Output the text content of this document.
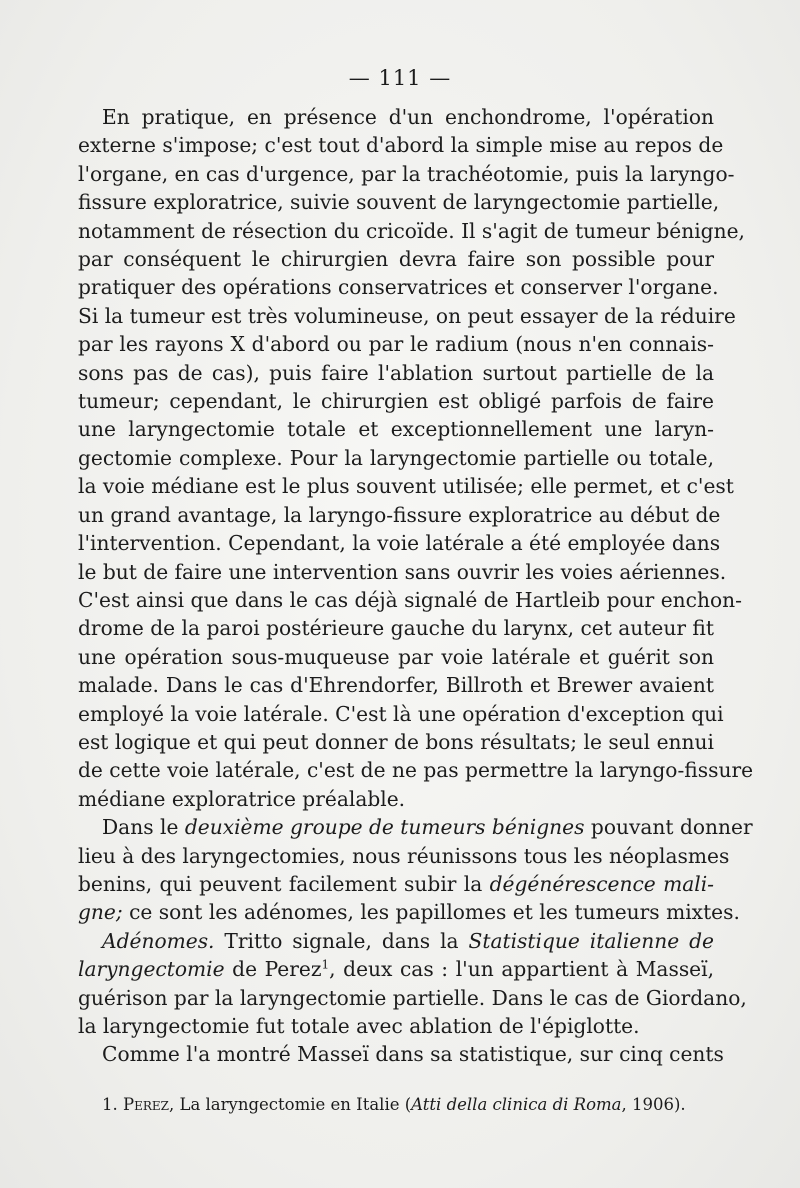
— 111 —

En pratique, en présence d'un enchondrome, l'opération
externe s'impose; c'est tout d'abord la simple mise au repos de
l'organe, en cas d'urgence, par la trachéotomie, puis la laryngo-
fissure exploratrice, suivie souvent de laryngectomie partielle,
notamment de résection du cricoïde. Il s'agit de tumeur bénigne,
par conséquent le chirurgien devra faire son possible pour
pratiquer des opérations conservatrices et conserver l'organe.
Si la tumeur est très volumineuse, on peut essayer de la réduire
par les rayons X d'abord ou par le radium (nous n'en connais-
sons pas de cas), puis faire l'ablation surtout partielle de la
tumeur; cependant, le chirurgien est obligé parfois de faire
une laryngectomie totale et exceptionnellement une laryn-
gectomie complexe. Pour la laryngectomie partielle ou totale,
la voie médiane est le plus souvent utilisée; elle permet, et c'est
un grand avantage, la laryngo-fissure exploratrice au début de
l'intervention. Cependant, la voie latérale a été employée dans
le but de faire une intervention sans ouvrir les voies aériennes.
C'est ainsi que dans le cas déjà signalé de Hartleib pour enchon-
drome de la paroi postérieure gauche du larynx, cet auteur fit
une opération sous-muqueuse par voie latérale et guérit son
malade. Dans le cas d'Ehrendorfer, Billroth et Brewer avaient
employé la voie latérale. C'est là une opération d'exception qui
est logique et qui peut donner de bons résultats; le seul ennui
de cette voie latérale, c'est de ne pas permettre la laryngo-fissure
médiane exploratrice préalable.

Dans le deuxième groupe de tumeurs bénignes pouvant donner
lieu à des laryngectomies, nous réunissons tous les néoplasmes
benins, qui peuvent facilement subir la dégénérescence mali-
gne; ce sont les adénomes, les papillomes et les tumeurs mixtes.

Adénomes. Tritto signale, dans la Statistique italienne de
laryngectomie de Perez$^1$, deux cas : l'un appartient à Masseï,
guérison par la laryngectomie partielle. Dans le cas de Giordano,
la laryngectomie fut totale avec ablation de l'épiglotte.

Comme l'a montré Masseï dans sa statistique, sur cinq cents

1. Perez, La laryngectomie en Italie (Atti della clinica di Roma, 1906).
